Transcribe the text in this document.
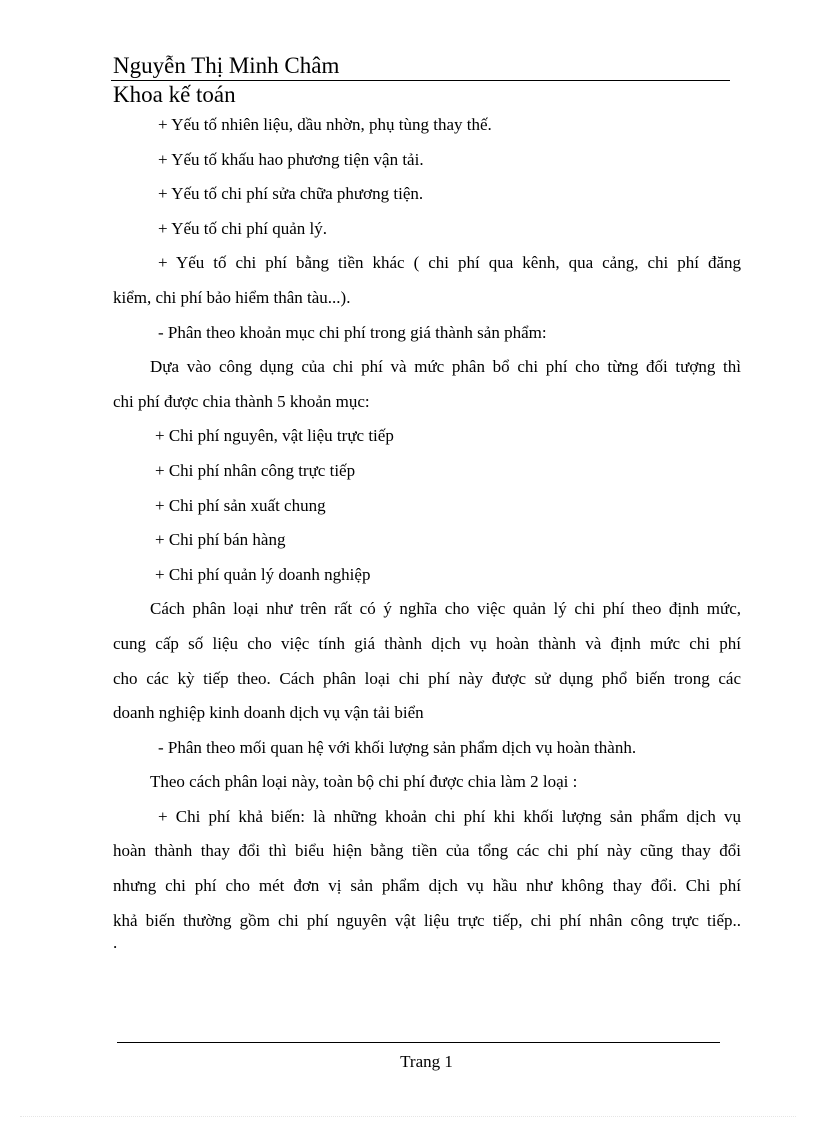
Nguyễn Thị Minh Châm
Khoa kế toán
+ Yếu tố nhiên liệu, dầu nhờn, phụ tùng thay thế.
+ Yếu tố khấu hao phương tiện vận tải.
+ Yếu tố chi phí sửa chữa phương tiện.
+ Yếu tố chi phí quản lý.
+ Yếu tố chi phí bằng tiền khác ( chi phí qua kênh, qua cảng, chi phí đăng
kiểm, chi phí bảo hiểm thân tàu...).
- Phân theo khoản mục chi phí trong giá thành sản phẩm:
Dựa vào công dụng của chi phí và mức phân bổ chi phí cho từng đối tượng thì
chi phí được chia thành 5 khoản mục:
+ Chi phí nguyên, vật liệu trực tiếp
+ Chi phí nhân công trực tiếp
+ Chi phí sản xuất chung
+ Chi phí bán hàng
+ Chi phí quản lý doanh nghiệp
Cách phân loại như trên rất có ý nghĩa cho việc quản lý chi phí theo định mức,
cung cấp số liệu cho việc tính giá thành dịch vụ hoàn thành và định mức chi phí
cho các kỳ tiếp theo. Cách phân loại chi phí này được sử dụng phổ biến trong các
doanh nghiệp kinh doanh dịch vụ vận tải biển
- Phân theo mối quan hệ với khối lượng sản phẩm dịch vụ hoàn thành.
Theo cách phân loại này, toàn bộ chi phí được chia làm 2 loại :
+ Chi phí khả biến: là những khoản chi phí khi khối lượng sản phẩm dịch vụ
hoàn thành thay đổi thì biểu hiện bằng tiền của tổng các chi phí này cũng thay đổi
nhưng chi phí cho mét đơn vị sản phẩm dịch vụ hầu như không thay đổi. Chi phí
khả biến thường gồm chi phí nguyên vật liệu trực tiếp, chi phí nhân công trực tiếp..
.
Trang 1
